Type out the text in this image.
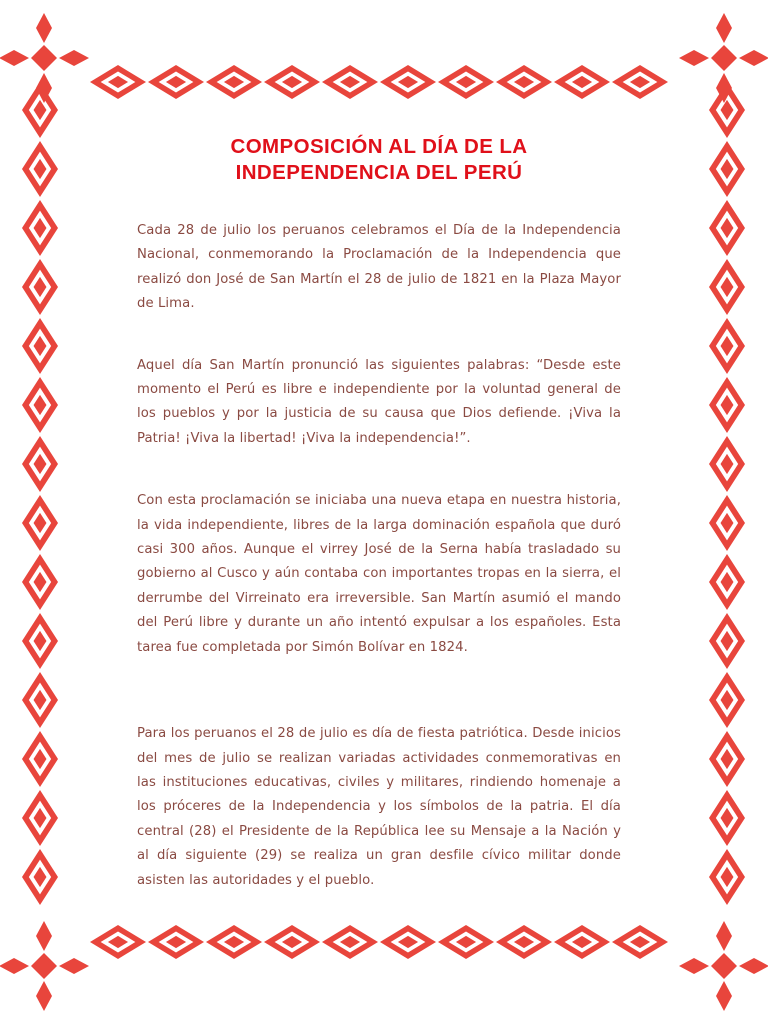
COMPOSICIÓN AL DÍA DE LA
INDEPENDENCIA DEL PERÚ

Cada 28 de julio los peruanos celebramos el Día de la Independencia Nacional, conmemorando la Proclamación de la Independencia que realizó don José de San Martín el 28 de julio de 1821 en la Plaza Mayor de Lima.

Aquel día San Martín pronunció las siguientes palabras: “Desde este momento el Perú es libre e independiente por la voluntad general de los pueblos y por la justicia de su causa que Dios defiende. ¡Viva la Patria! ¡Viva la libertad! ¡Viva la independencia!”.

Con esta proclamación se iniciaba una nueva etapa en nuestra historia, la vida independiente, libres de la larga dominación española que duró casi 300 años. Aunque el virrey José de la Serna había trasladado su gobierno al Cusco y aún contaba con importantes tropas en la sierra, el derrumbe del Virreinato era irreversible. San Martín asumió el mando del Perú libre y durante un año intentó expulsar a los españoles. Esta tarea fue completada por Simón Bolívar en 1824.

Para los peruanos el 28 de julio es día de fiesta patriótica. Desde inicios del mes de julio se realizan variadas actividades conmemorativas en las instituciones educativas, civiles y militares, rindiendo homenaje a los próceres de la Independencia y los símbolos de la patria. El día central (28) el Presidente de la República lee su Mensaje a la Nación y al día siguiente (29) se realiza un gran desfile cívico militar donde asisten las autoridades y el pueblo.
